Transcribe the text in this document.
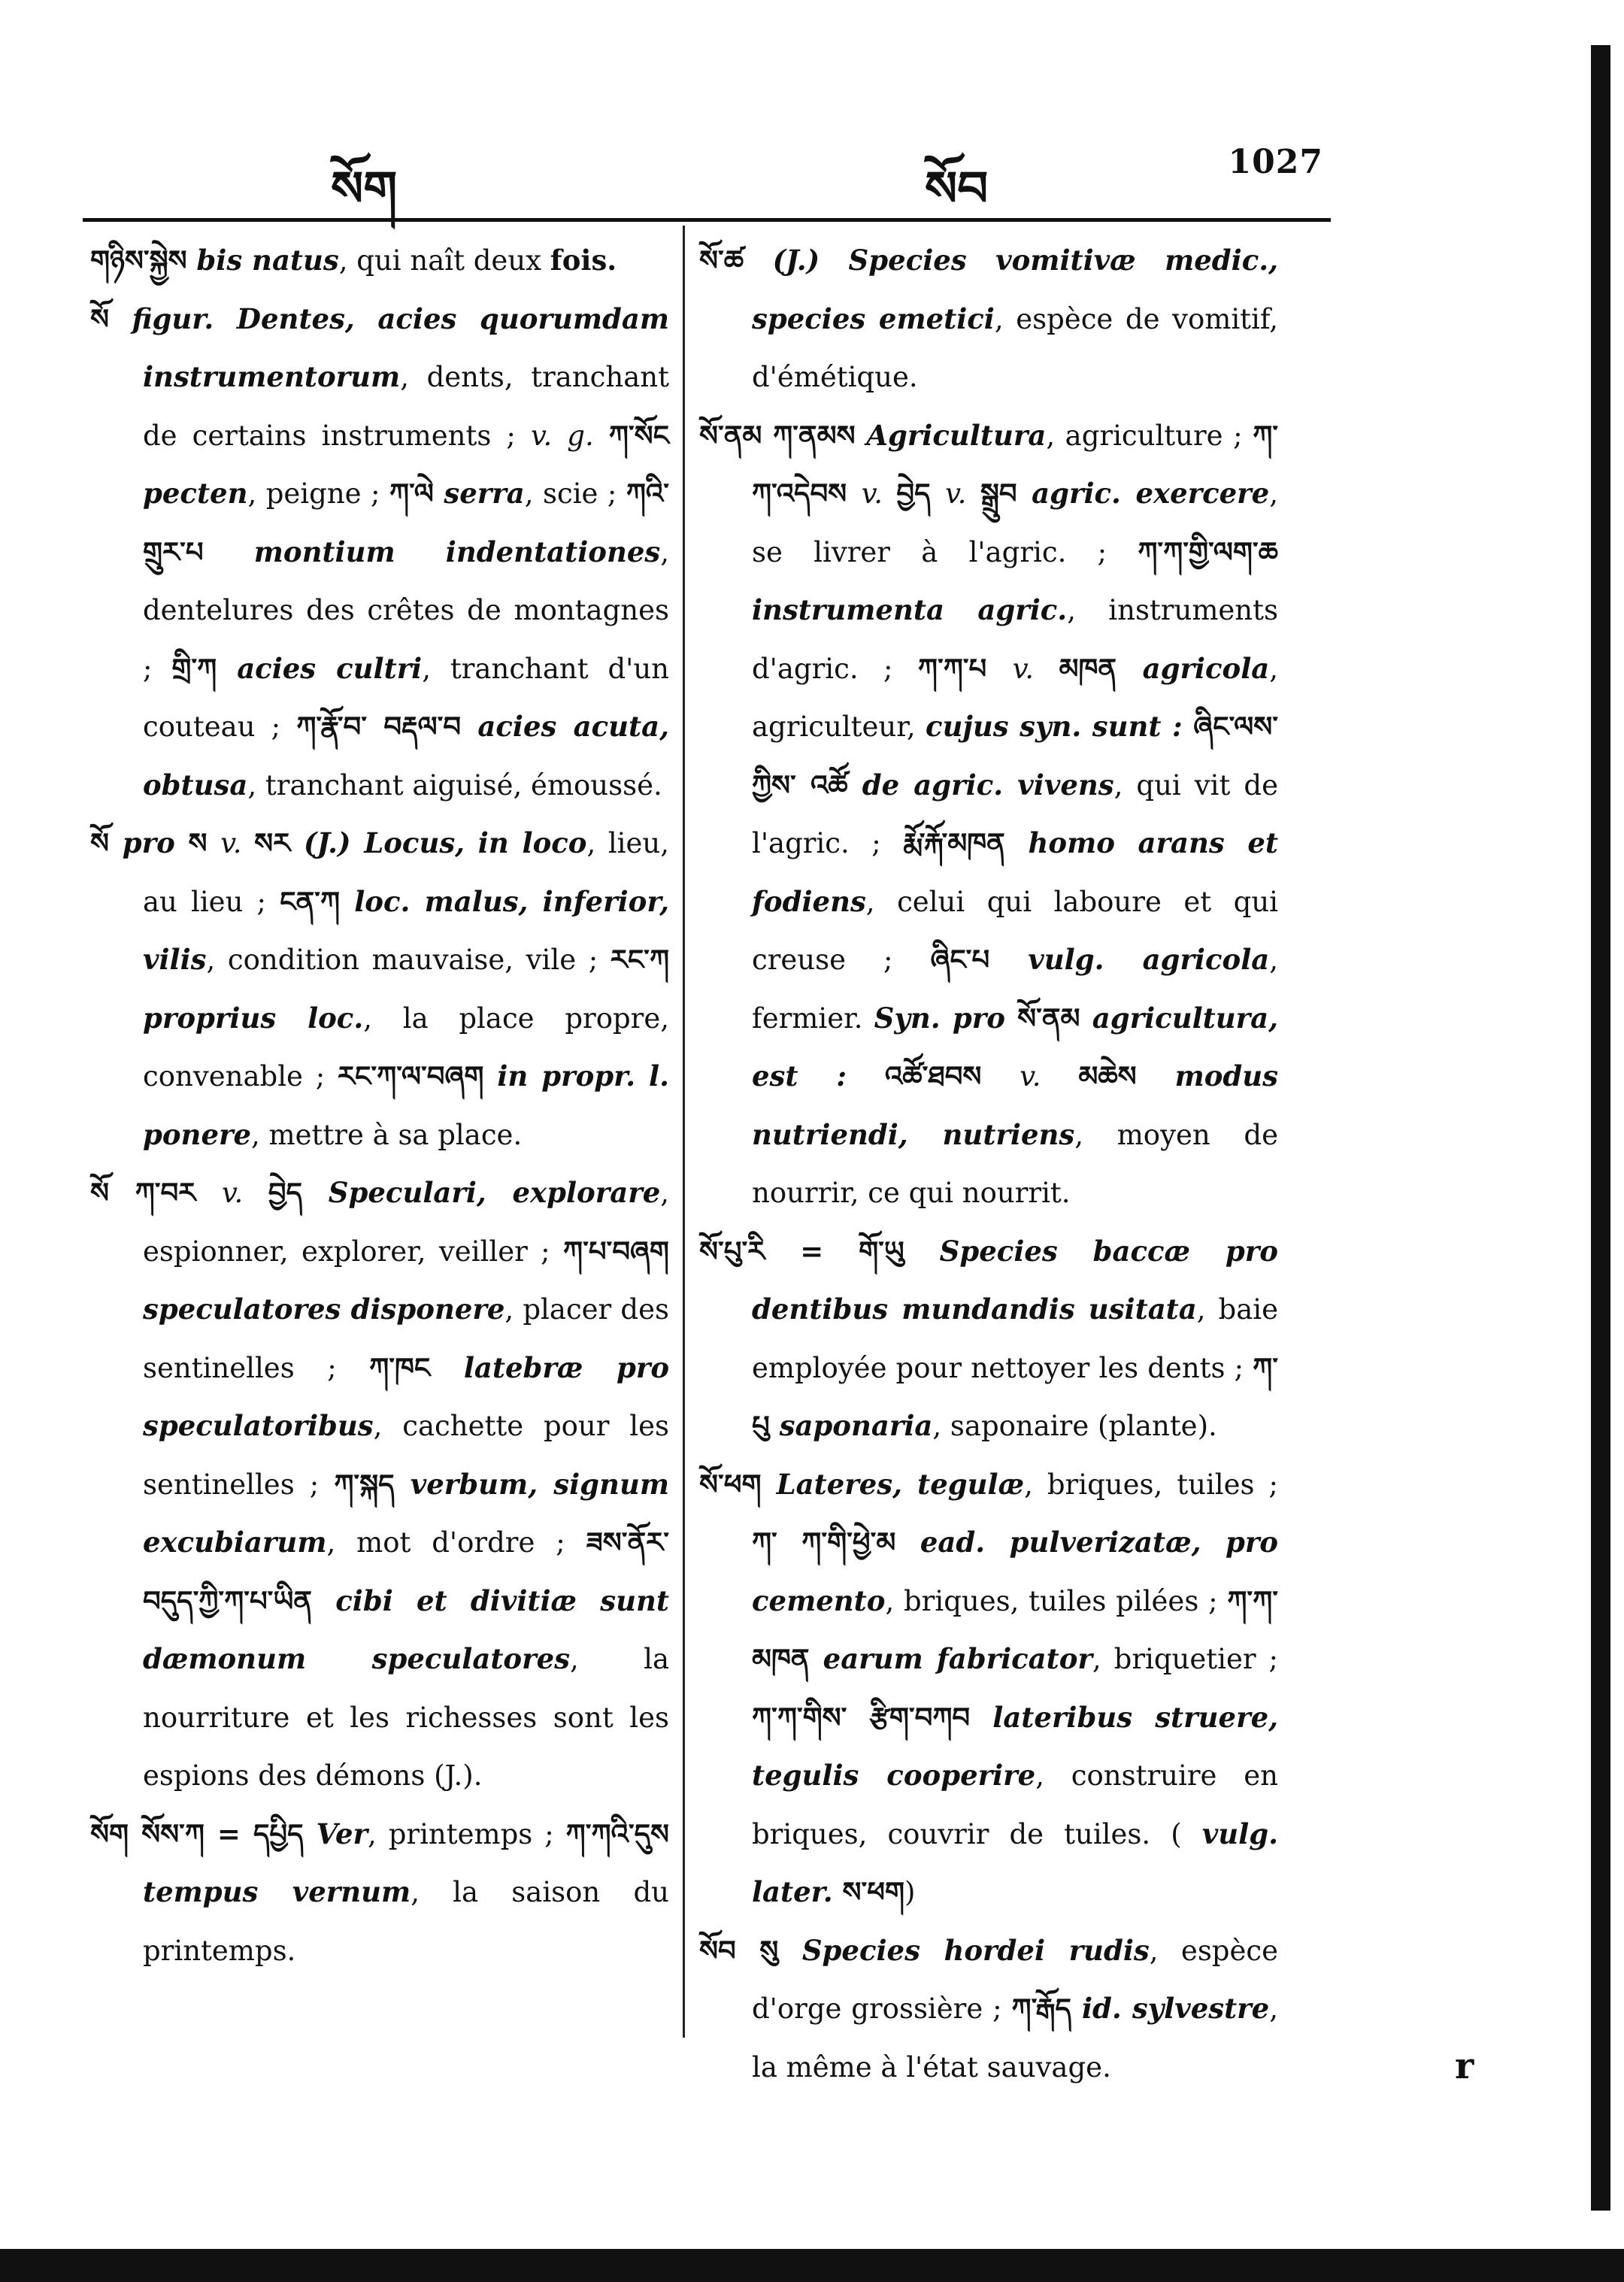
སོག	སོབ	1027

གཉིས་སྐྱེས bis natus, qui naît deux fois.

སོ figur. Dentes, acies quorumdam instrumentorum, dents, tranchant de certains instruments ; v. g. ཀ་སོང pecten, peigne ; ཀ་ལེ serra, scie ; ཀའི་གྲུར་པ montium indentationes, dentelures des crêtes de montagnes ; གྲི་ཀ acies cultri, tranchant d'un couteau ; ཀ་རྣོ་བ་ བརྡལ་བ acies acuta, obtusa, tranchant aiguisé, émoussé.

སོ pro ས v. སར (J.) Locus, in loco, lieu, au lieu ; ངན་ཀ loc. malus, inferior, vilis, condition mauvaise, vile ; རང་ཀ proprius loc., la place propre, convenable ; རང་ཀ་ལ་བཞག in propr. l. ponere, mettre à sa place.

སོ ཀ་བར v. བྱེད Speculari, explorare, espionner, explorer, veiller ; ཀ་པ་བཞག speculatores disponere, placer des sentinelles ; ཀ་ཁང latebræ pro speculatoribus, cachette pour les sentinelles ; ཀ་སྐད verbum, signum excubiarum, mot d'ordre ; ཟས་ནོར་བདུད་ཀྱི་ཀ་པ་ཡིན cibi et divitiæ sunt dæmonum speculatores, la nourriture et les richesses sont les espions des démons (J.).

སོག སོས་ཀ = དཔྱིད Ver, printemps ; ཀ་ཀའི་དུས tempus vernum, la saison du printemps.

སོ་ཚ (J.) Species vomitivæ medic., species emetici, espèce de vomitif, d'émétique.

སོ་ནམ ཀ་ནམས Agricultura, agriculture ; ཀ་ཀ་འདེབས v. བྱེད v. སྒྲུབ agric. exercere, se livrer à l'agric. ; ཀ་ཀ་གྱི་ལག་ཆ instrumenta agric., instruments d'agric. ; ཀ་ཀ་པ v. མཁན agricola, agriculteur, cujus syn. sunt : ཞིང་ལས་ཀྱིས་ འཚོ de agric. vivens, qui vit de l'agric. ; རྨོ་རྐོ་མཁན homo arans et fodiens, celui qui laboure et qui creuse ; ཞིང་པ vulg. agricola, fermier. Syn. pro སོ་ནམ agricultura, est : འཚོ་ཐབས v. མཆེས modus nutriendi, nutriens, moyen de nourrir, ce qui nourrit.

སོ་པུ་རི = གོ་ཡུ Species baccæ pro dentibus mundandis usitata, baie employée pour nettoyer les dents ; ཀ་པུ saponaria, saponaire (plante).

སོ་ཕག Lateres, tegulæ, briques, tuiles ; ཀ་ ཀ་གི་ཕྱེ་མ ead. pulverizatæ, pro cemento, briques, tuiles pilées ; ཀ་ཀ་མཁན earum fabricator, briquetier ; ཀ་ཀ་གིས་ རྩིག་བཀབ lateribus struere, tegulis cooperire, construire en briques, couvrir de tuiles. ( vulg. later. ས་ཕག)

སོབ སུ Species hordei rudis, espèce d'orge grossière ; ཀ་རྒོད id. sylvestre, la même à l'état sauvage.	r
